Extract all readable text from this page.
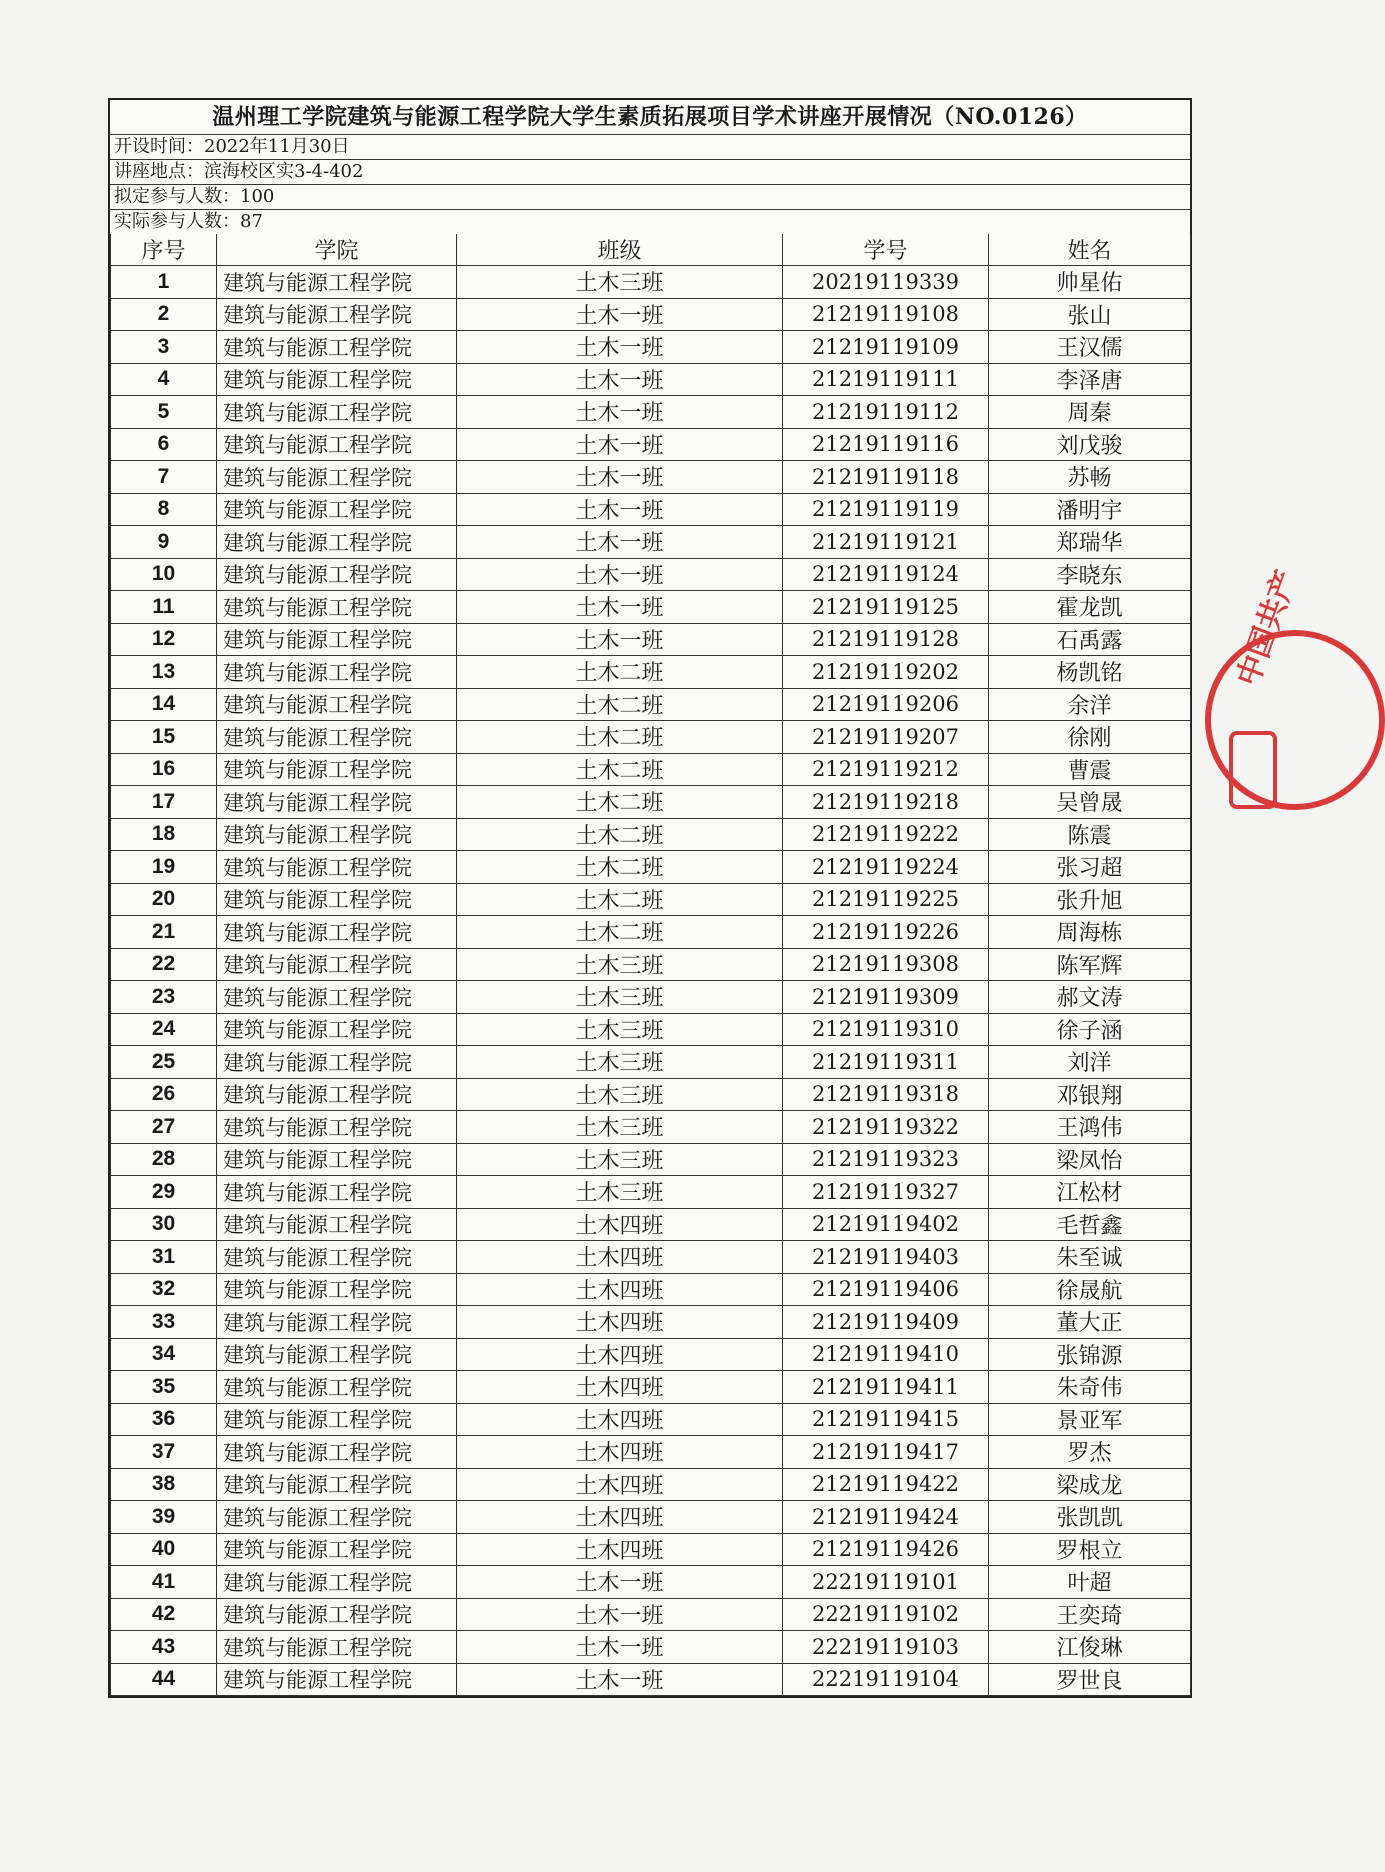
温州理工学院建筑与能源工程学院大学生素质拓展项目学术讲座开展情况（NO.0126）
开设时间：2022年11月30日
讲座地点：滨海校区实3-4-402
拟定参与人数：100
实际参与人数：87
序号	学院	班级	学号	姓名
1	建筑与能源工程学院	土木三班	20219119339	帅星佑
2	建筑与能源工程学院	土木一班	21219119108	张山
3	建筑与能源工程学院	土木一班	21219119109	王汉儒
4	建筑与能源工程学院	土木一班	21219119111	李泽唐
5	建筑与能源工程学院	土木一班	21219119112	周秦
6	建筑与能源工程学院	土木一班	21219119116	刘戊骏
7	建筑与能源工程学院	土木一班	21219119118	苏畅
8	建筑与能源工程学院	土木一班	21219119119	潘明宇
9	建筑与能源工程学院	土木一班	21219119121	郑瑞华
10	建筑与能源工程学院	土木一班	21219119124	李晓东
11	建筑与能源工程学院	土木一班	21219119125	霍龙凯
12	建筑与能源工程学院	土木一班	21219119128	石禹露
13	建筑与能源工程学院	土木二班	21219119202	杨凯铭
14	建筑与能源工程学院	土木二班	21219119206	余洋
15	建筑与能源工程学院	土木二班	21219119207	徐刚
16	建筑与能源工程学院	土木二班	21219119212	曹震
17	建筑与能源工程学院	土木二班	21219119218	吴曾晟
18	建筑与能源工程学院	土木二班	21219119222	陈震
19	建筑与能源工程学院	土木二班	21219119224	张习超
20	建筑与能源工程学院	土木二班	21219119225	张升旭
21	建筑与能源工程学院	土木二班	21219119226	周海栋
22	建筑与能源工程学院	土木三班	21219119308	陈军辉
23	建筑与能源工程学院	土木三班	21219119309	郝文涛
24	建筑与能源工程学院	土木三班	21219119310	徐子涵
25	建筑与能源工程学院	土木三班	21219119311	刘洋
26	建筑与能源工程学院	土木三班	21219119318	邓银翔
27	建筑与能源工程学院	土木三班	21219119322	王鸿伟
28	建筑与能源工程学院	土木三班	21219119323	梁凤怡
29	建筑与能源工程学院	土木三班	21219119327	江松材
30	建筑与能源工程学院	土木四班	21219119402	毛哲鑫
31	建筑与能源工程学院	土木四班	21219119403	朱至诚
32	建筑与能源工程学院	土木四班	21219119406	徐晟航
33	建筑与能源工程学院	土木四班	21219119409	董大正
34	建筑与能源工程学院	土木四班	21219119410	张锦源
35	建筑与能源工程学院	土木四班	21219119411	朱奇伟
36	建筑与能源工程学院	土木四班	21219119415	景亚军
37	建筑与能源工程学院	土木四班	21219119417	罗杰
38	建筑与能源工程学院	土木四班	21219119422	梁成龙
39	建筑与能源工程学院	土木四班	21219119424	张凯凯
40	建筑与能源工程学院	土木四班	21219119426	罗根立
41	建筑与能源工程学院	土木一班	22219119101	叶超
42	建筑与能源工程学院	土木一班	22219119102	王奕琦
43	建筑与能源工程学院	土木一班	22219119103	江俊琳
44	建筑与能源工程学院	土木一班	22219119104	罗世良
中国共产
